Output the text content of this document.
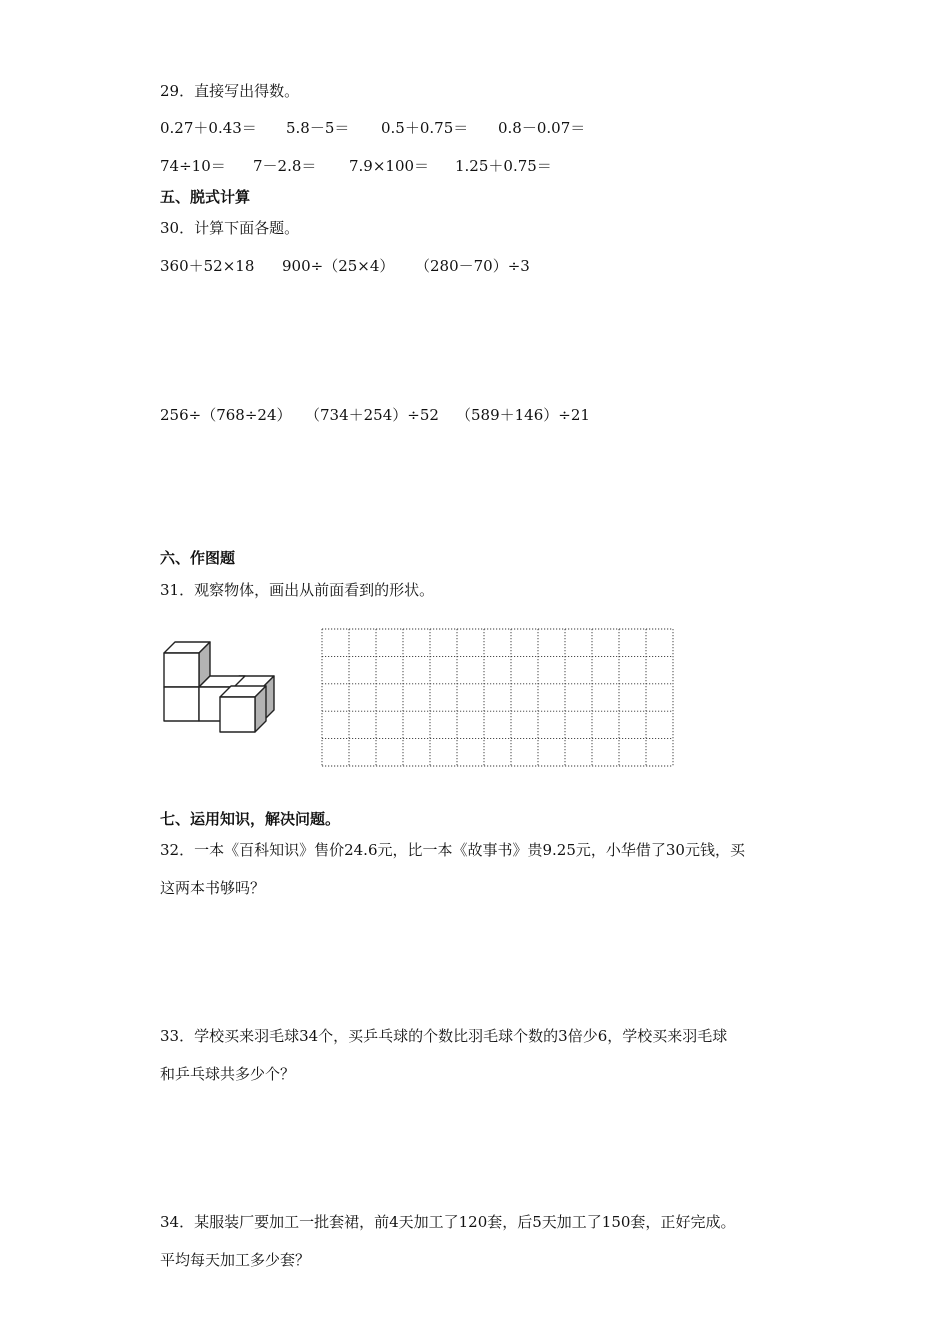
29．直接写出得数。
0.27＋0.43＝ 5.8－5＝ 0.5＋0.75＝ 0.8－0.07＝
74÷10＝ 7－2.8＝ 7.9×100＝ 1.25＋0.75＝
五、脱式计算
30．计算下面各题。
360＋52×18 900÷（25×4） （280－70）÷3
256÷（768÷24） （734＋254）÷52 （589＋146）÷21
六、作图题
31．观察物体，画出从前面看到的形状。
七、运用知识，解决问题。
32．一本《百科知识》售价24.6元，比一本《故事书》贵9.25元，小华借了30元钱，买
这两本书够吗？
33．学校买来羽毛球34个，买乒乓球的个数比羽毛球个数的3倍少6，学校买来羽毛球
和乒乓球共多少个？
34．某服装厂要加工一批套裙，前4天加工了120套，后5天加工了150套，正好完成。
平均每天加工多少套？
